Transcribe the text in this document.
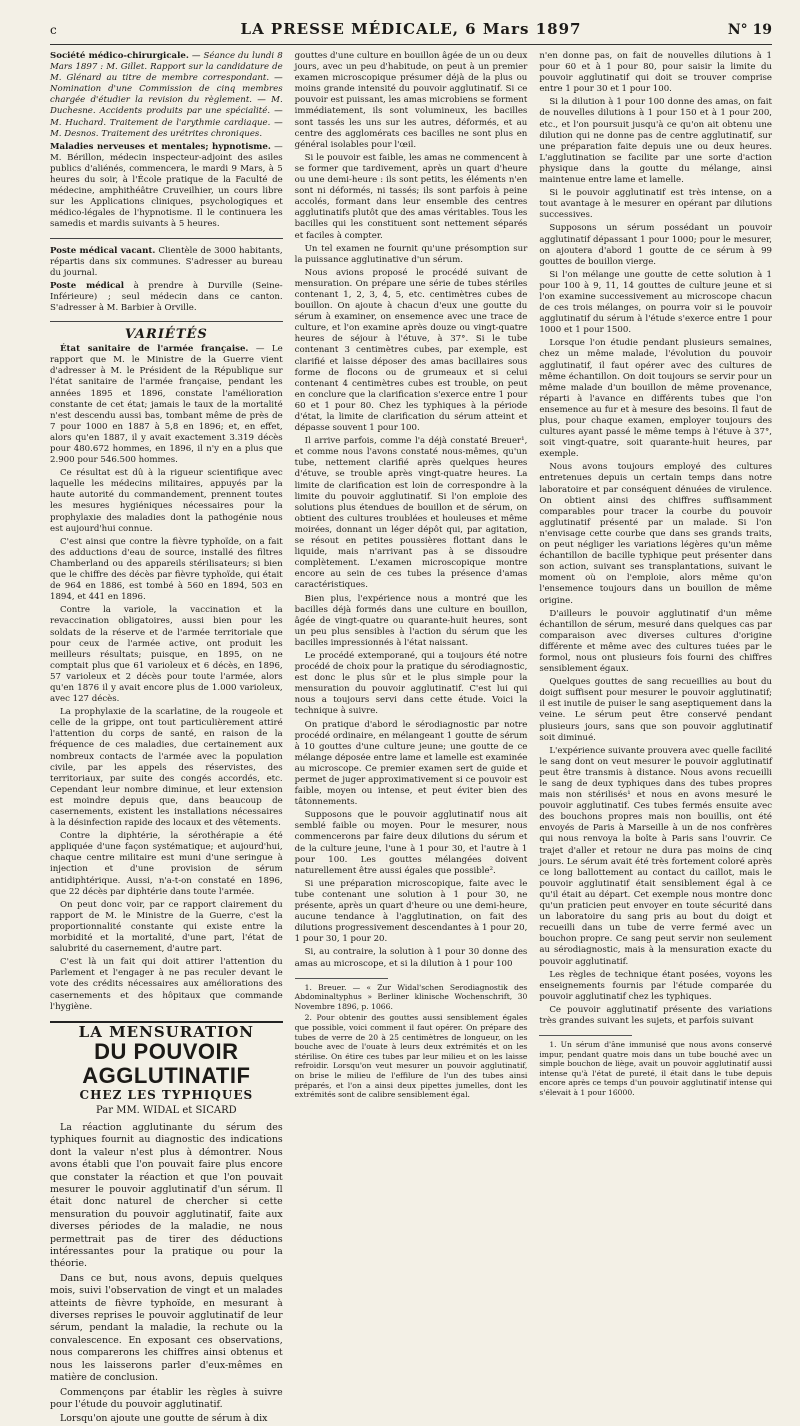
c	LA PRESSE MÉDICALE, 6 Mars 1897	N° 19

Société médico-chirurgicale. — Séance du lundi 8 Mars 1897 : M. Gillet. Rapport sur la candidature de M. Glénard au titre de membre correspondant. — Nomination d'une Commission de cinq membres chargée d'étudier la revision du règlement. — M. Duchesne. Accidents produits par une spécialité. — M. Huchard. Traitement de l'arythmie cardiaque. — M. Desnos. Traitement des urétrites chroniques.

Maladies nerveuses et mentales; hypnotisme. — M. Bérillon, médecin inspecteur-adjoint des asiles publics d'aliénés, commencera, le mardi 9 Mars, à 5 heures du soir, à l'École pratique de la Faculté de médecine, amphithéâtre Cruveilhier, un cours libre sur les Applications cliniques, psychologiques et médico-légales de l'hypnotisme. Il le continuera les samedis et mardis suivants à 5 heures.

Poste médical vacant. Clientèle de 3000 habitants, répartis dans six communes. S'adresser au bureau du journal.

Poste médical à prendre à Durville (Seine-Inférieure) ; seul médecin dans ce canton. S'adresser à M. Barbier à Orville.

VARIÉTÉS

État sanitaire de l'armée française. — Le rapport que M. le Ministre de la Guerre vient d'adresser à M. le Président de la République sur l'état sanitaire de l'armée française, pendant les années 1895 et 1896, constate l'amélioration constante de cet état; jamais le taux de la mortalité n'est descendu aussi bas, tombant même de près de 7 pour 1000 en 1887 à 5,8 en 1896; et, en effet, alors qu'en 1887, il y avait exactement 3.319 décès pour 480.672 hommes, en 1896, il n'y en a plus que 2.900 pour 546.500 hommes.

Ce résultat est dû à la rigueur scientifique avec laquelle les médecins militaires, appuyés par la haute autorité du commandement, prennent toutes les mesures hygiéniques nécessaires pour la prophylaxie des maladies dont la pathogénie nous est aujourd'hui connue.

C'est ainsi que contre la fièvre typhoïde, on a fait des adductions d'eau de source, installé des filtres Chamberland ou des appareils stérilisateurs; si bien que le chiffre des décès par fièvre typhoïde, qui était de 964 en 1886, est tombé à 560 en 1894, 503 en 1894, et 441 en 1896.

Contre la variole, la vaccination et la revaccination obligatoires, aussi bien pour les soldats de la réserve et de l'armée territoriale que pour ceux de l'armée active, ont produit les meilleurs résultats; puisque, en 1895, on ne comptait plus que 61 varioleux et 6 décès, en 1896, 57 varioleux et 2 décès pour toute l'armée, alors qu'en 1876 il y avait encore plus de 1.000 varioleux, avec 127 décès.

La prophylaxie de la scarlatine, de la rougeole et celle de la grippe, ont tout particulièrement attiré l'attention du corps de santé, en raison de la fréquence de ces maladies, due certainement aux nombreux contacts de l'armée avec la population civile, par les appels des réservistes, des territoriaux, par suite des congés accordés, etc. Cependant leur nombre diminue, et leur extension est moindre depuis que, dans beaucoup de casernements, existent les installations nécessaires à la désinfection rapide des locaux et des vêtements.

Contre la diphtérie, la sérothérapie a été appliquée d'une façon systématique; et aujourd'hui, chaque centre militaire est muni d'une seringue à injection et d'une provision de sérum antidiphtérique. Aussi, n'a-t-on constaté en 1896, que 22 décès par diphtérie dans toute l'armée.

On peut donc voir, par ce rapport clairement du rapport de M. le Ministre de la Guerre, c'est la proportionnalité constante qui existe entre la morbidité et la mortalité, d'une part, l'état de salubrité du casernement, d'autre part.

C'est là un fait qui doit attirer l'attention du Parlement et l'engager à ne pas reculer devant le vote des crédits nécessaires aux améliorations des casernements et des hôpitaux que commande l'hygiène.

LA MENSURATION
DU POUVOIR AGGLUTINATIF
CHEZ LES TYPHIQUES
Par MM. WIDAL et SICARD

La réaction agglutinante du sérum des typhiques fournit au diagnostic des indications dont la valeur n'est plus à démontrer. Nous avons établi que l'on pouvait faire plus encore que constater la réaction et que l'on pouvait mesurer le pouvoir agglutinatif d'un sérum. Il était donc naturel de chercher si cette mensuration du pouvoir agglutinatif, faite aux diverses périodes de la maladie, ne nous permettrait pas de tirer des déductions intéressantes pour la pratique ou pour la théorie.

Dans ce but, nous avons, depuis quelques mois, suivi l'observation de vingt et un malades atteints de fièvre typhoïde, en mesurant à diverses reprises le pouvoir agglutinatif de leur sérum, pendant la maladie, la rechute ou la convalescence. En exposant ces observations, nous comparerons les chiffres ainsi obtenus et nous les laisserons parler d'eux-mêmes en matière de conclusion.

Commençons par établir les règles à suivre pour l'étude du pouvoir agglutinatif.

Lorsqu'on ajoute une goutte de sérum à dix

gouttes d'une culture en bouillon âgée de un ou deux jours, avec un peu d'habitude, on peut à un premier examen microscopique présumer déjà de la plus ou moins grande intensité du pouvoir agglutinatif. Si ce pouvoir est puissant, les amas microbiens se forment immédiatement, ils sont volumineux, les bacilles sont tassés les uns sur les autres, déformés, et au centre des agglomérats ces bacilles ne sont plus en général isolables pour l'œil.

Si le pouvoir est faible, les amas ne commencent à se former que tardivement, après un quart d'heure ou une demi-heure : ils sont petits, les éléments n'en sont ni déformés, ni tassés; ils sont parfois à peine accolés, formant dans leur ensemble des centres agglutinatifs plutôt que des amas véritables. Tous les bacilles qui les constituent sont nettement séparés et faciles à compter.

Un tel examen ne fournit qu'une présomption sur la puissance agglutinative d'un sérum.

Nous avions proposé le procédé suivant de mensuration. On prépare une série de tubes stériles contenant 1, 2, 3, 4, 5, etc. centimètres cubes de bouillon. On ajoute à chacun d'eux une goutte du sérum à examiner, on ensemence avec une trace de culture, et l'on examine après douze ou vingt-quatre heures de séjour à l'étuve, à 37°. Si le tube contenant 3 centimètres cubes, par exemple, est clarifié et laisse déposer des amas bacillaires sous forme de flocons ou de grumeaux et si celui contenant 4 centimètres cubes est trouble, on peut en conclure que la clarification s'exerce entre 1 pour 60 et 1 pour 80. Chez les typhiques à la période d'état, la limite de clarification du sérum atteint et dépasse souvent 1 pour 100.

Il arrive parfois, comme l'a déjà constaté Breuer¹, et comme nous l'avons constaté nous-mêmes, qu'un tube, nettement clarifié après quelques heures d'étuve, se trouble après vingt-quatre heures. La limite de clarification est loin de correspondre à la limite du pouvoir agglutinatif. Si l'on emploie des solutions plus étendues de bouillon et de sérum, on obtient des cultures troublées et houleuses et même moirées, donnant un léger dépôt qui, par agitation, se résout en petites poussières flottant dans le liquide, mais n'arrivant pas à se dissoudre complètement. L'examen microscopique montre encore au sein de ces tubes la présence d'amas caractéristiques.

Bien plus, l'expérience nous a montré que les bacilles déjà formés dans une culture en bouillon, âgée de vingt-quatre ou quarante-huit heures, sont un peu plus sensibles à l'action du sérum que les bacilles impressionnés à l'état naissant.

Le procédé extemporané, qui a toujours été notre procédé de choix pour la pratique du sérodiagnostic, est donc le plus sûr et le plus simple pour la mensuration du pouvoir agglutinatif. C'est lui qui nous a toujours servi dans cette étude. Voici la technique à suivre.

On pratique d'abord le sérodiagnostic par notre procédé ordinaire, en mélangeant 1 goutte de sérum à 10 gouttes d'une culture jeune; une goutte de ce mélange déposée entre lame et lamelle est examinée au microscope. Ce premier examen sert de guide et permet de juger approximativement si ce pouvoir est faible, moyen ou intense, et peut éviter bien des tâtonnements.

Supposons que le pouvoir agglutinatif nous ait semblé faible ou moyen. Pour le mesurer, nous commencerons par faire deux dilutions du sérum et de la culture jeune, l'une à 1 pour 30, et l'autre à 1 pour 100. Les gouttes mélangées doivent naturellement être aussi égales que possible².

Si une préparation microscopique, faite avec le tube contenant une solution à 1 pour 30, ne présente, après un quart d'heure ou une demi-heure, aucune tendance à l'agglutination, on fait des dilutions progressivement descendantes à 1 pour 20, 1 pour 30, 1 pour 20.

Si, au contraire, la solution à 1 pour 30 donne des amas au microscope, et si la dilution à 1 pour 100

1. Breuer. — « Zur Widal'schen Serodiagnostik des Abdominaltyphus » Berliner klinische Wochenschrift, 30 Novembre 1896, p. 1066.

2. Pour obtenir des gouttes aussi sensiblement égales que possible, voici comment il faut opérer. On prépare des tubes de verre de 20 à 25 centimètres de longueur, on les bouche avec de l'ouate à leurs deux extrémités et on les stérilise. On étire ces tubes par leur milieu et on les laisse refroidir. Lorsqu'on veut mesurer un pouvoir agglutinatif, on brise le milieu de l'effilure de l'un des tubes ainsi préparés, et l'on a ainsi deux pipettes jumelles, dont les extrémités sont de calibre sensiblement égal.

n'en donne pas, on fait de nouvelles dilutions à 1 pour 60 et à 1 pour 80, pour saisir la limite du pouvoir agglutinatif qui doit se trouver comprise entre 1 pour 30 et 1 pour 100.

Si la dilution à 1 pour 100 donne des amas, on fait de nouvelles dilutions à 1 pour 150 et à 1 pour 200, etc., et l'on poursuit jusqu'à ce qu'on ait obtenu une dilution qui ne donne pas de centre agglutinatif, sur une préparation faite depuis une ou deux heures. L'agglutination se facilite par une sorte d'action physique dans la goutte du mélange, ainsi maintenue entre lame et lamelle.

Si le pouvoir agglutinatif est très intense, on a tout avantage à le mesurer en opérant par dilutions successives.

Supposons un sérum possédant un pouvoir agglutinatif dépassant 1 pour 1000; pour le mesurer, on ajoutera d'abord 1 goutte de ce sérum à 99 gouttes de bouillon vierge.

Si l'on mélange une goutte de cette solution à 1 pour 100 à 9, 11, 14 gouttes de culture jeune et si l'on examine successivement au microscope chacun de ces trois mélanges, on pourra voir si le pouvoir agglutinatif du sérum à l'étude s'exerce entre 1 pour 1000 et 1 pour 1500.

Lorsque l'on étudie pendant plusieurs semaines, chez un même malade, l'évolution du pouvoir agglutinatif, il faut opérer avec des cultures de même échantillon. On doit toujours se servir pour un même malade d'un bouillon de même provenance, réparti à l'avance en différents tubes que l'on ensemence au fur et à mesure des besoins. Il faut de plus, pour chaque examen, employer toujours des cultures ayant passé le même temps à l'étuve à 37°, soit vingt-quatre, soit quarante-huit heures, par exemple.

Nous avons toujours employé des cultures entretenues depuis un certain temps dans notre laboratoire et par conséquent dénuées de virulence. On obtient ainsi des chiffres suffisamment comparables pour tracer la courbe du pouvoir agglutinatif présenté par un malade. Si l'on n'envisage cette courbe que dans ses grands traits, on peut négliger les variations légères qu'un même échantillon de bacille typhique peut présenter dans son action, suivant ses transplantations, suivant le moment où on l'emploie, alors même qu'on l'ensemence toujours dans un bouillon de même origine.

D'ailleurs le pouvoir agglutinatif d'un même échantillon de sérum, mesuré dans quelques cas par comparaison avec diverses cultures d'origine différente et même avec des cultures tuées par le formol, nous ont plusieurs fois fourni des chiffres sensiblement égaux.

Quelques gouttes de sang recueillies au bout du doigt suffisent pour mesurer le pouvoir agglutinatif; il est inutile de puiser le sang aseptiquement dans la veine. Le sérum peut être conservé pendant plusieurs jours, sans que son pouvoir agglutinatif soit diminué.

L'expérience suivante prouvera avec quelle facilité le sang dont on veut mesurer le pouvoir agglutinatif peut être transmis à distance. Nous avons recueilli le sang de deux typhiques dans des tubes propres mais non stérilisés¹ et nous en avons mesuré le pouvoir agglutinatif. Ces tubes fermés ensuite avec des bouchons propres mais non bouillis, ont été envoyés de Paris à Marseille à un de nos confrères qui nous renvoya la boîte à Paris sans l'ouvrir. Ce trajet d'aller et retour ne dura pas moins de cinq jours. Le sérum avait été très fortement coloré après ce long ballottement au contact du caillot, mais le pouvoir agglutinatif était sensiblement égal à ce qu'il était au départ. Cet exemple nous montre donc qu'un praticien peut envoyer en toute sécurité dans un laboratoire du sang pris au bout du doigt et recueilli dans un tube de verre fermé avec un bouchon propre. Ce sang peut servir non seulement au sérodiagnostic, mais à la mensuration exacte du pouvoir agglutinatif.

Les règles de technique étant posées, voyons les enseignements fournis par l'étude comparée du pouvoir agglutinatif chez les typhiques.

Ce pouvoir agglutinatif présente des variations très grandes suivant les sujets, et parfois suivant

1. Un sérum d'âne immunisé que nous avons conservé impur, pendant quatre mois dans un tube bouché avec un simple bouchon de liège, avait un pouvoir agglutinatif aussi intense qu'à l'état de pureté, il était dans le tube depuis encore après ce temps d'un pouvoir agglutinatif intense qui s'élevait à 1 pour 16000.
